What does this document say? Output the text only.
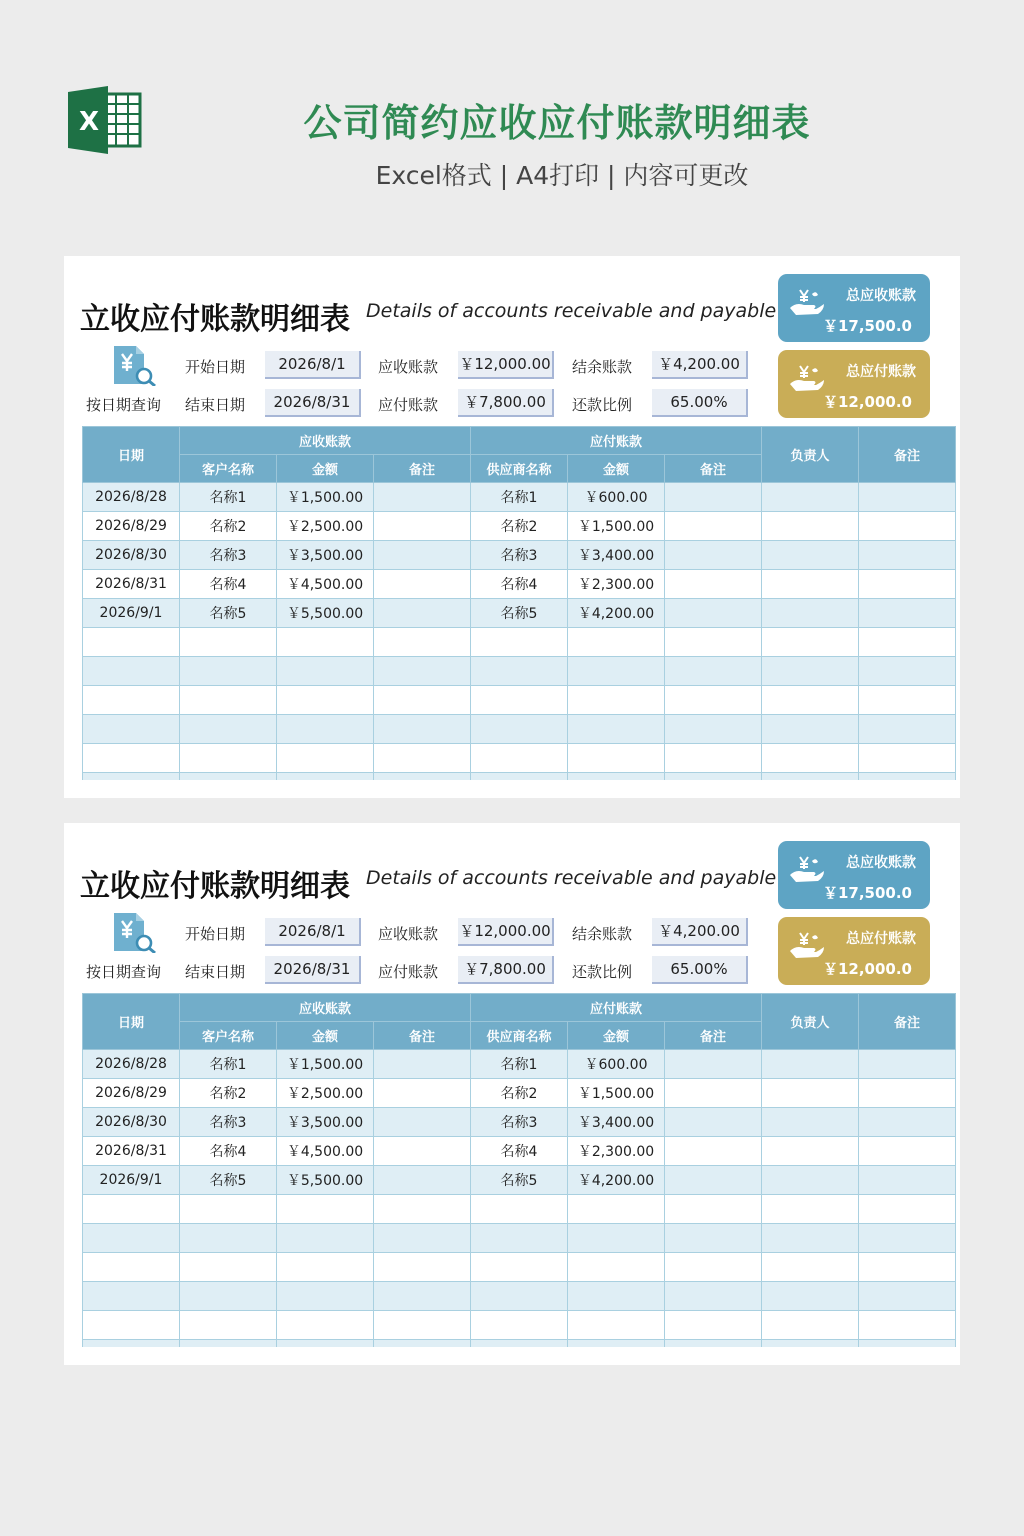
X	公司简约应收应付账款明细表
Excel格式 | A4打印 | 内容可更改
立收应付账款明细表 Details of accounts receivable and payable
总应收账款
￥17,500.0
总应付账款
￥12,000.0
按日期查询
开始日期	2026/8/1
结束日期	2026/8/31
应收账款 ￥12,000.00
应付账款	￥7,800.00
结余账款	￥4,200.00
还款比例	65.00%
日期	应收账款			应付账款			负责人	备注
	客户名称	金额	备注	供应商名称	金额	备注		
2026/8/28	名称1	￥1,500.00		名称1	￥600.00			
2026/8/29	名称2	￥2,500.00		名称2	￥1,500.00			
2026/8/30	名称3	￥3,500.00		名称3	￥3,400.00			
2026/8/31	名称4	￥4,500.00		名称4	￥2,300.00			
2026/9/1	名称5	￥5,500.00		名称5	￥4,200.00			

立收应付账款明细表 Details of accounts receivable and payable
总应收账款
￥17,500.0
总应付账款
￥12,000.0
按日期查询
开始日期	2026/8/1
结束日期	2026/8/31
应收账款 ￥12,000.00
应付账款	￥7,800.00
结余账款	￥4,200.00
还款比例	65.00%
日期	应收账款			应付账款			负责人	备注
	客户名称	金额	备注	供应商名称	金额	备注		
2026/8/28	名称1	￥1,500.00		名称1	￥600.00			
2026/8/29	名称2	￥2,500.00		名称2	￥1,500.00			
2026/8/30	名称3	￥3,500.00		名称3	￥3,400.00			
2026/8/31	名称4	￥4,500.00		名称4	￥2,300.00			
2026/9/1	名称5	￥5,500.00		名称5	￥4,200.00			
